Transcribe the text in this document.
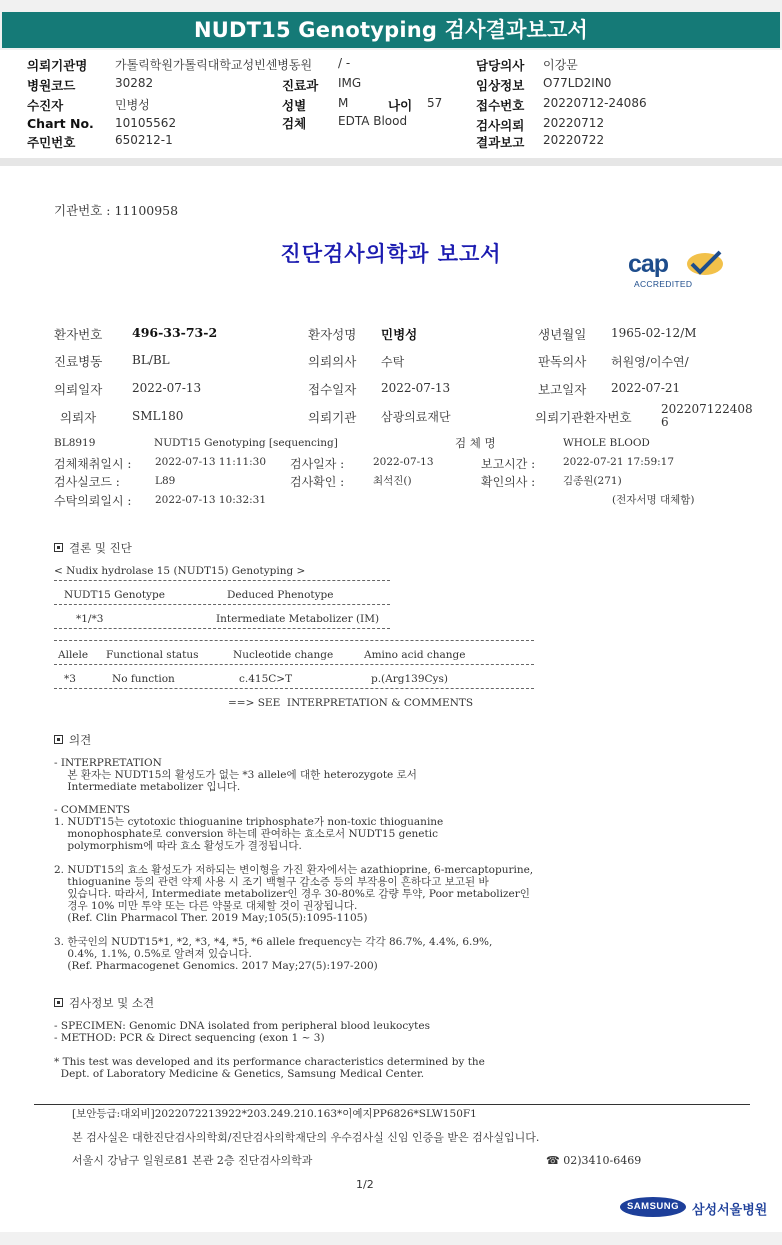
NUDT15 Genotyping 검사결과보고서
의뢰기관명 가톨릭학원가톨릭대학교성빈센병동원 / -	담당의사 이강문
병원코드	30282	진료과 IMG	임상정보 O77LD2IN0
수진자	민병성	성별	M	나이 57	접수번호 20220712-24086
Chart No. 10105562	검체	EDTA Blood	검사의뢰 20220712
주민번호	650212-1	결과보고 20220722
기관번호 : 11100958
진단검사의학과 보고서	cap
ACCREDITED
환자번호 496-33-73-2	환자성명 민병성	생년월일 1965-02-12/M
진료병동 BL/BL	의뢰의사 수탁	판독의사 허원영/이수연/
의뢰일자 2022-07-13	접수일자 2022-07-13	보고일자 2022-07-21
의뢰자	SML180	의뢰기관 삼광의료재단	의뢰기관환자번호
202207122408
6
BL8919	NUDT15 Genotyping [sequencing]	검 체 명	WHOLE BLOOD
검체채취일시 : 2022-07-13 11:11:30 검사일자 :	2022-07-13	보고시간 :	2022-07-21 17:59:17
검사실코드 :	L89	검사확인 :	최석진()	확인의사 :	김종원(271)
수탁의뢰일시 : 2022-07-13 10:32:31	(전자서명 대체함)
결론 및 진단
< Nudix hydrolase 15 (NUDT15) Genotyping >
NUDT15 Genotype	Deduced Phenotype
*1/*3	Intermediate Metabolizer (IM)
Allele Functional status	Nucleotide change	Amino acid change
*3	No function	c.415C>T	p.(Arg139Cys)
==> SEE  INTERPRETATION & COMMENTS
의견
- INTERPRETATION
본 환자는 NUDT15의 활성도가 없는 *3 allele에 대한 heterozygote 로서
Intermediate metabolizer 입니다.
- COMMENTS
1. NUDT15는 cytotoxic thioguanine triphosphate가 non-toxic thioguanine
monophosphate로 conversion 하는데 관여하는 효소로서 NUDT15 genetic
polymorphism에 따라 효소 활성도가 결정됩니다.
2. NUDT15의 효소 활성도가 저하되는 변이형을 가진 환자에서는 azathioprine, 6-mercaptopurine,
thioguanine 등의 관련 약제 사용 시 조기 백혈구 감소증 등의 부작용이 흔하다고 보고된 바
있습니다. 따라서, Intermediate metabolizer인 경우 30-80%로 감량 투약, Poor metabolizer인
경우 10% 미만 투약 또는 다른 약물로 대체할 것이 권장됩니다.
(Ref. Clin Pharmacol Ther. 2019 May;105(5):1095-1105)
3. 한국인의 NUDT15*1, *2, *3, *4, *5, *6 allele frequency는 각각 86.7%, 4.4%, 6.9%,
0.4%, 1.1%, 0.5%로 알려져 있습니다.
(Ref. Pharmacogenet Genomics. 2017 May;27(5):197-200)
검사정보 및 소견
- SPECIMEN: Genomic DNA isolated from peripheral blood leukocytes
- METHOD: PCR & Direct sequencing (exon 1 ~ 3)
* This test was developed and its performance characteristics determined by the
Dept. of Laboratory Medicine & Genetics, Samsung Medical Center.
[보안등급:대외비]2022072213922*203.249.210.163*이예지PP6826*SLW150F1
본 검사실은 대한진단검사의학회/진단검사의학재단의 우수검사실 신임 인증을 받은 검사실입니다.
서울시 강남구 일원로81 본관 2층 진단검사의학과	☎ 02)3410-6469
1/2
SAMSUNG 삼성서울병원
